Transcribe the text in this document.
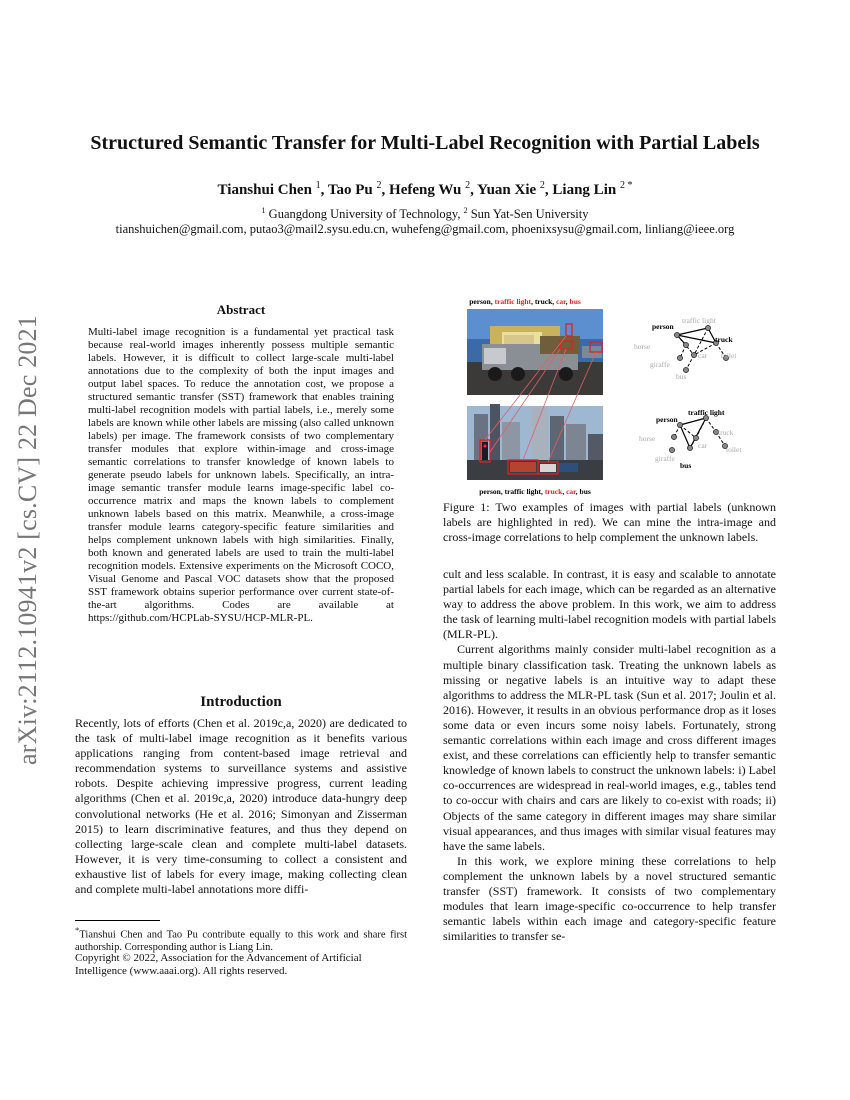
arXiv:2112.10941v2 [cs.CV] 22 Dec 2021
Structured Semantic Transfer for Multi-Label Recognition with Partial Labels
Tianshui Chen $^1$, Tao Pu $^2$, Hefeng Wu $^2$, Yuan Xie $^2$, Liang Lin $^{2 *}$
$^1$ Guangdong University of Technology, $^2$ Sun Yat-Sen University
tianshuichen@gmail.com, putao3@mail2.sysu.edu.cn, wuhefeng@gmail.com, phoenixsysu@gmail.com, linliang@ieee.org
Abstract
Multi-label image recognition is a fundamental yet practical task because real-world images inherently possess multiple semantic labels. However, it is difficult to collect large-scale multi-label annotations due to the complexity of both the input images and output label spaces. To reduce the annotation cost, we propose a structured semantic transfer (SST) framework that enables training multi-label recognition models with partial labels, i.e., merely some labels are known while other labels are missing (also called unknown labels) per image. The framework consists of two complementary transfer modules that explore within-image and cross-image semantic correlations to transfer knowledge of known labels to generate pseudo labels for unknown labels. Specifically, an intra-image semantic transfer module learns image-specific label co-occurrence matrix and maps the known labels to complement unknown labels based on this matrix. Meanwhile, a cross-image transfer module learns category-specific feature similarities and helps complement unknown labels with high similarities. Finally, both known and generated labels are used to train the multi-label recognition models. Extensive experiments on the Microsoft COCO, Visual Genome and Pascal VOC datasets show that the proposed SST framework obtains superior performance over current state-of-the-art algorithms. Codes are available at https://github.com/HCPLab-SYSU/HCP-MLR-PL.
Introduction
Recently, lots of efforts (Chen et al. 2019c,a, 2020) are dedicated to the task of multi-label image recognition as it benefits various applications ranging from content-based image retrieval and recommendation systems to surveillance systems and assistive robots. Despite achieving impressive progress, current leading algorithms (Chen et al. 2019c,a, 2020) introduce data-hungry deep convolutional networks (He et al. 2016; Simonyan and Zisserman 2015) to learn discriminative features, and thus they depend on collecting large-scale clean and complete multi-label datasets. However, it is very time-consuming to collect a consistent and exhaustive list of labels for every image, making collecting clean and complete multi-label annotations more diffi-
*Tianshui Chen and Tao Pu contribute equally to this work and share first authorship. Corresponding author is Liang Lin.
Copyright © 2022, Association for the Advancement of Artificial Intelligence (www.aaai.org). All rights reserved.
person, traffic light, truck, car, bus
person, traffic light, truck, car, bus
person
traffic light
truck
horse
car toilet
giraffe
bus
person
traffic light
truck
horse
car	toilet
giraffe
bus
Figure 1: Two examples of images with partial labels (unknown labels are highlighted in red). We can mine the intra-image and cross-image correlations to help complement the unknown labels.

cult and less scalable. In contrast, it is easy and scalable to annotate partial labels for each image, which can be regarded as an alternative way to address the above problem. In this work, we aim to address the task of learning multi-label recognition models with partial labels (MLR-PL).

Current algorithms mainly consider multi-label recognition as a multiple binary classification task. Treating the unknown labels as missing or negative labels is an intuitive way to adapt these algorithms to address the MLR-PL task (Sun et al. 2017; Joulin et al. 2016). However, it results in an obvious performance drop as it loses some data or even incurs some noisy labels. Fortunately, strong semantic correlations within each image and cross different images exist, and these correlations can efficiently help to transfer semantic knowledge of known labels to construct the unknown labels: i) Label co-occurrences are widespread in real-world images, e.g., tables tend to co-occur with chairs and cars are likely to co-exist with roads; ii) Objects of the same category in different images may share similar visual appearances, and thus images with similar visual features may have the same labels.

In this work, we explore mining these correlations to help complement the unknown labels by a novel structured semantic transfer (SST) framework. It consists of two complementary modules that learn image-specific co-occurrence to help transfer semantic labels within each image and category-specific feature similarities to transfer se-
